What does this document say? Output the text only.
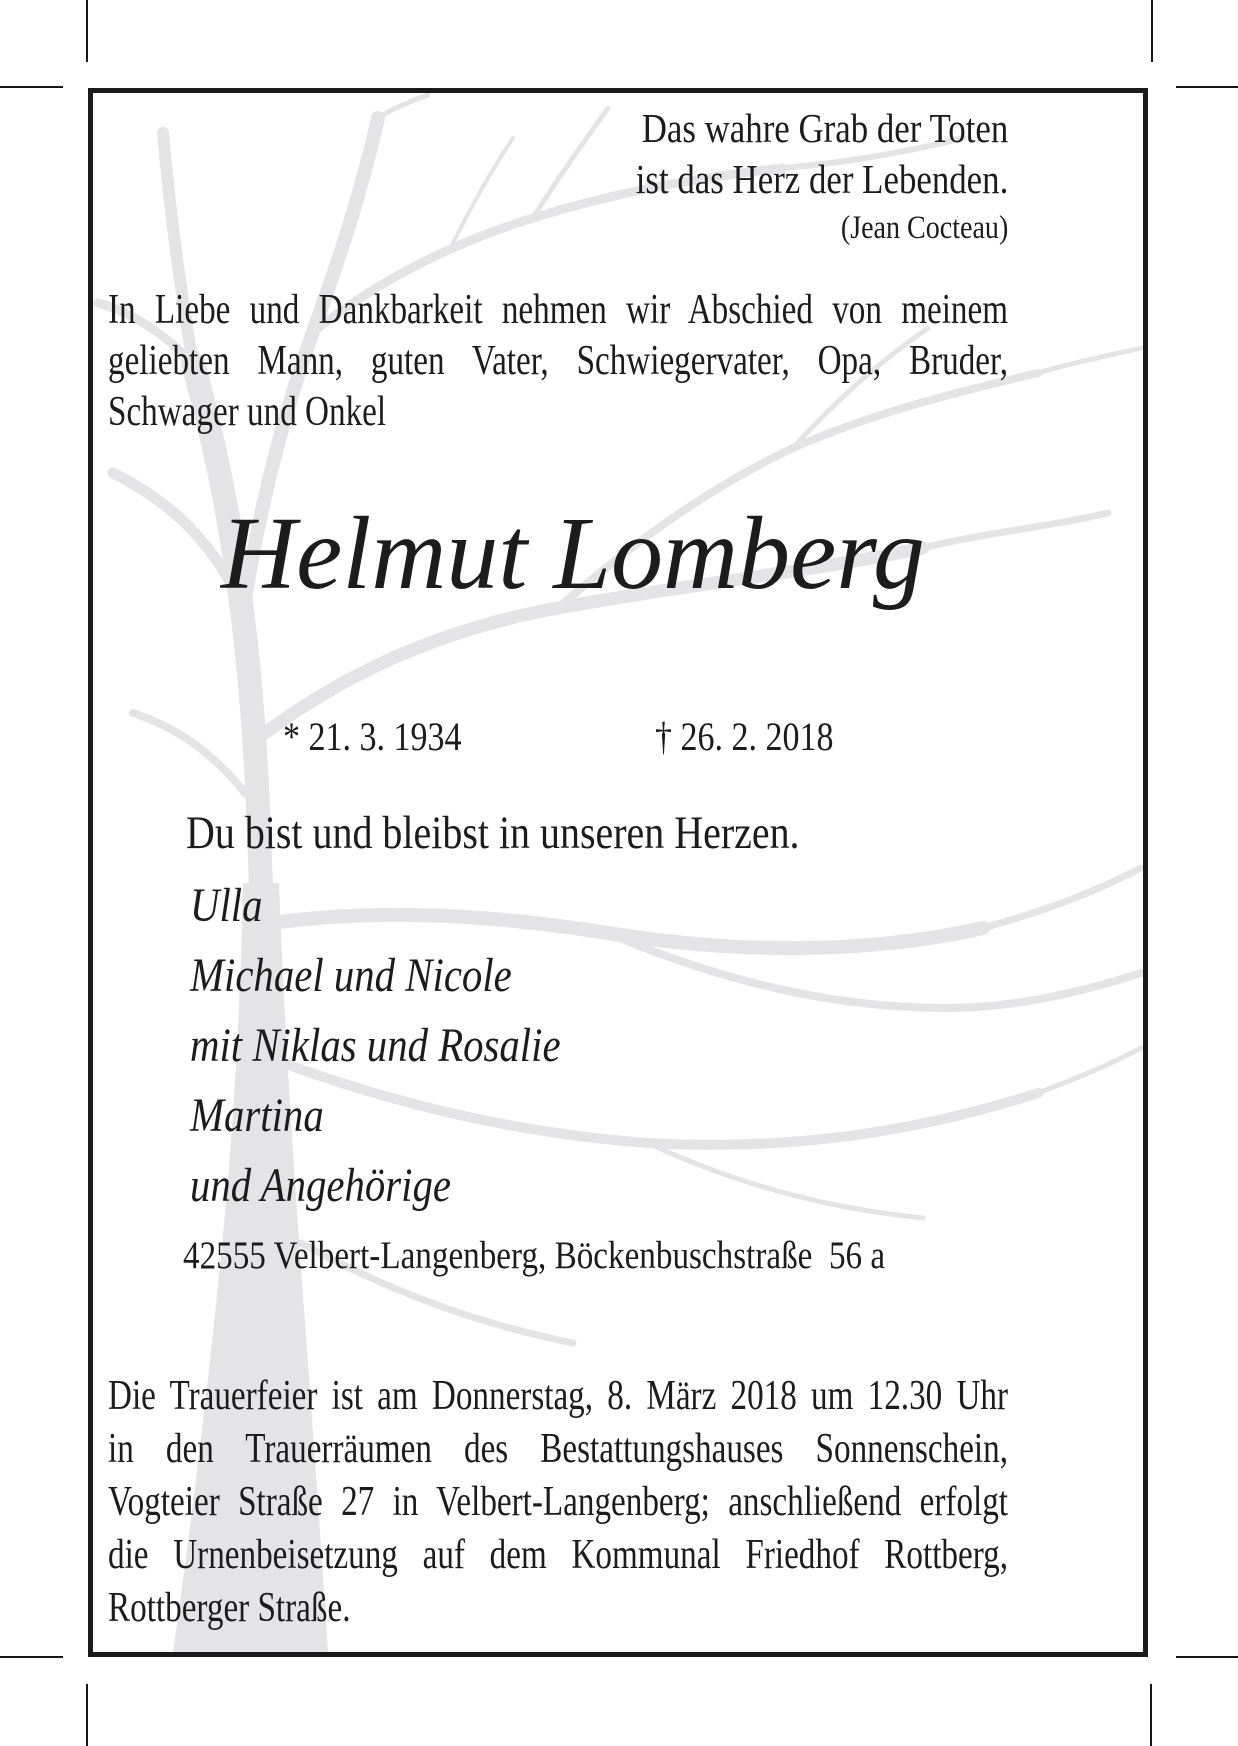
Das wahre Grab der Toten
ist das Herz der Lebenden.
(Jean Cocteau)
In Liebe und Dankbarkeit nehmen wir Abschied von meinem
geliebten Mann, guten Vater, Schwiegervater, Opa, Bruder,
Schwager und Onkel
Helmut Lomberg
* 21. 3. 1934	† 26. 2. 2018
Du bist und bleibst in unseren Herzen.
Ulla
Michael und Nicole
mit Niklas und Rosalie
Martina
und Angehörige
42555 Velbert-Langenberg, Böckenbuschstraße  56 a
Die Trauerfeier ist am Donnerstag, 8. März 2018 um 12.30 Uhr
in den Trauerräumen des Bestattungshauses Sonnenschein,
Vogteier Straße 27 in Velbert-Langenberg; anschließend erfolgt
die Urnenbeisetzung auf dem Kommunal Friedhof Rottberg,
Rottberger Straße.
